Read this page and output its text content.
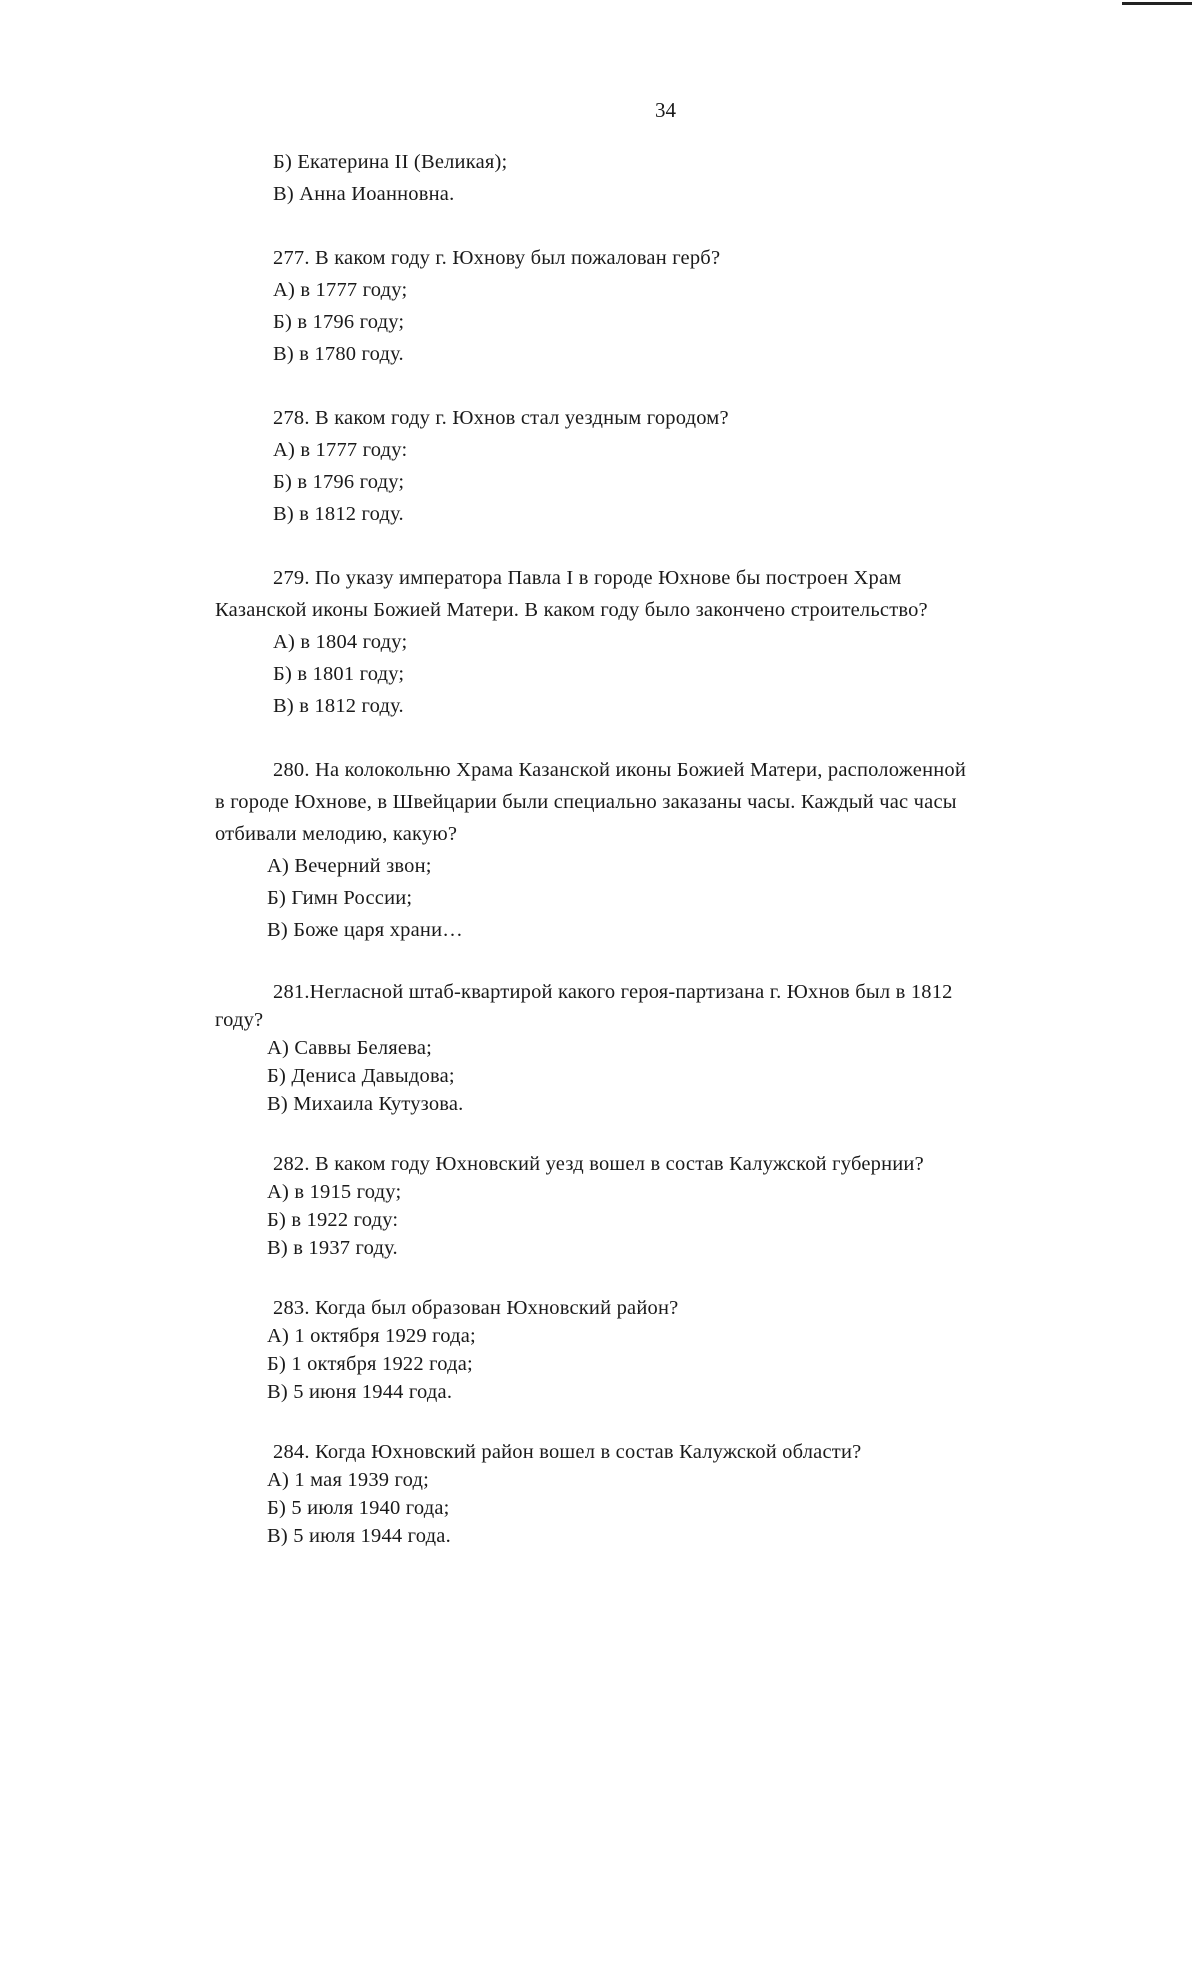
34
Б) Екатерина II (Великая);
В) Анна Иоанновна.
277. В каком году г. Юхнову был пожалован герб?
А) в 1777 году;
Б) в 1796 году;
В) в 1780 году.
278. В каком году г. Юхнов стал уездным городом?
А) в 1777 году:
Б) в 1796 году;
В) в 1812 году.
279. По указу императора Павла I в городе Юхнове бы построен Храм
Казанской иконы Божией Матери. В каком году было закончено строительство?
А) в 1804 году;
Б) в 1801 году;
В) в 1812 году.
280. На колокольню Храма Казанской иконы Божией Матери, расположенной
в городе Юхнове, в Швейцарии были специально заказаны часы. Каждый час часы
отбивали мелодию, какую?
А) Вечерний звон;
Б) Гимн России;
В) Боже царя храни…
281.Негласной штаб-квартирой какого героя-партизана г. Юхнов был в 1812
году?
А) Саввы Беляева;
Б) Дениса Давыдова;
В) Михаила Кутузова.
282. В каком году Юхновский уезд вошел в состав Калужской губернии?
А) в 1915 году;
Б) в 1922 году:
В) в 1937 году.
283. Когда был образован Юхновский район?
А) 1 октября 1929 года;
Б) 1 октября 1922 года;
В) 5 июня 1944 года.
284. Когда Юхновский район вошел в состав Калужской области?
А) 1 мая 1939 год;
Б) 5 июля 1940 года;
В) 5 июля 1944 года.
